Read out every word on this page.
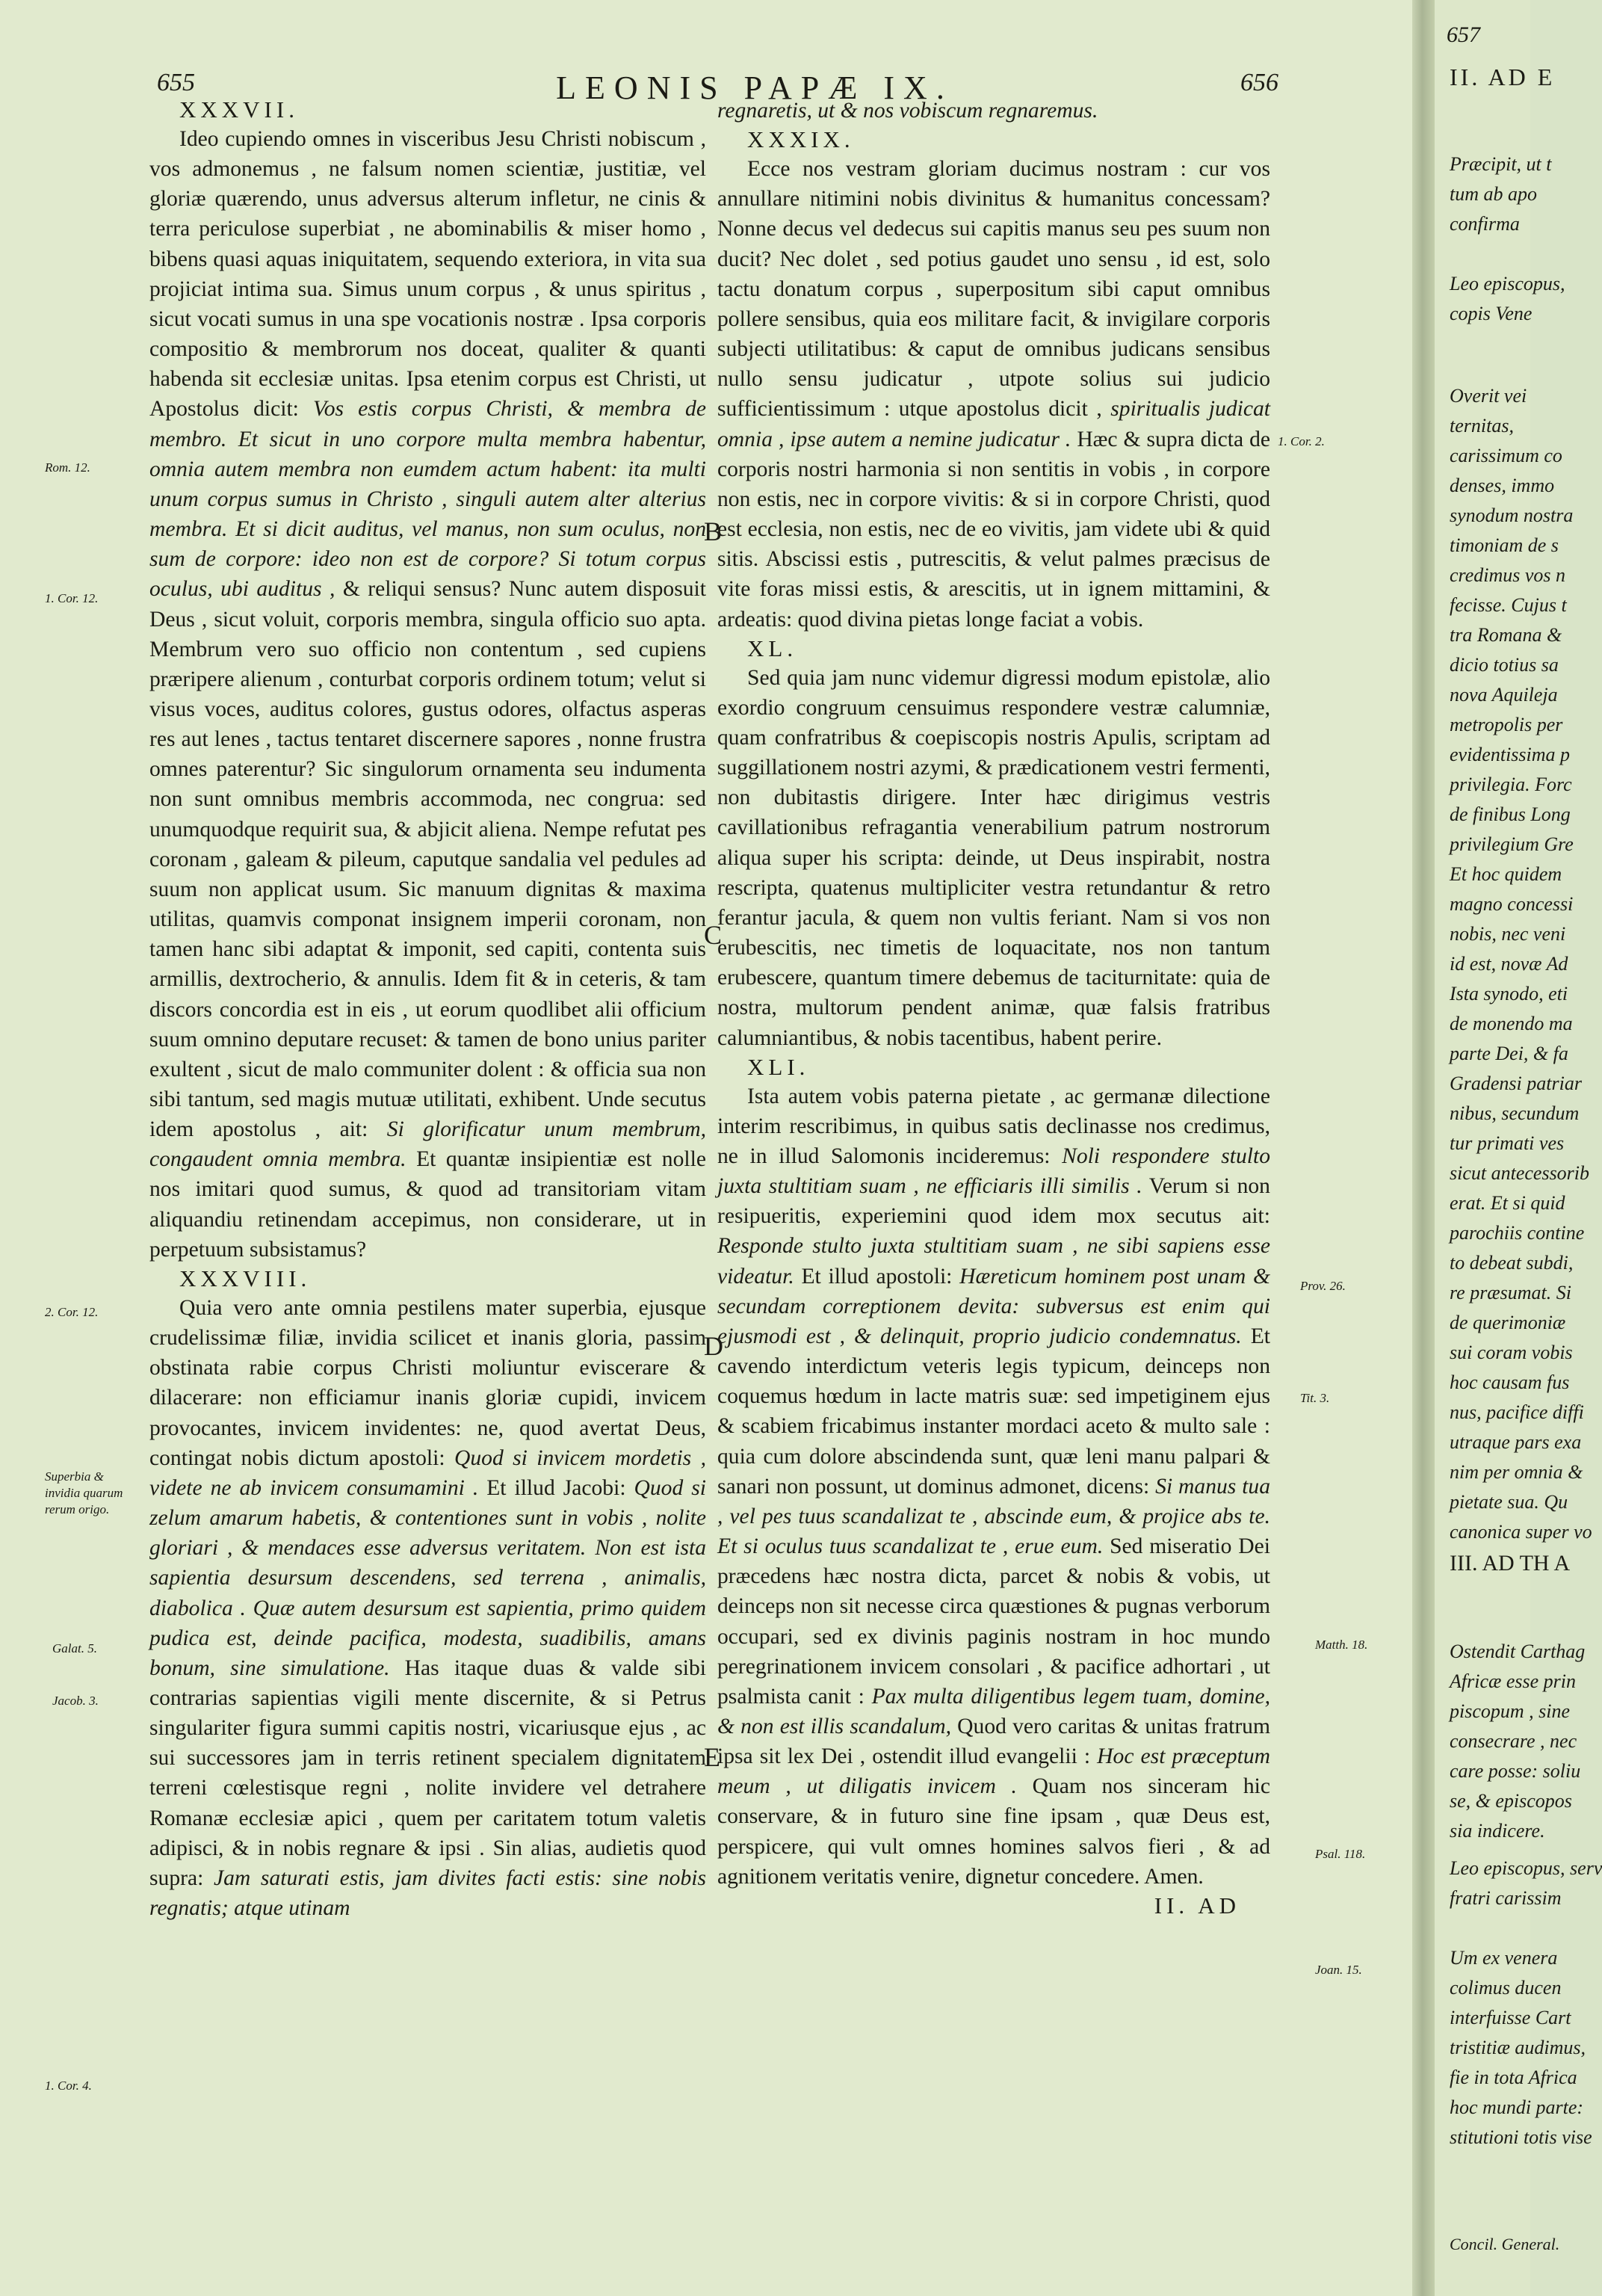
655	LEONIS PAPÆ IX.	656

XXXVII.

Ideo cupiendo omnes in visceribus Jesu Christi nobiscum , vos admonemus , ne falsum nomen scientiæ, justitiæ, vel gloriæ quærendo, unus adversus alterum infletur, ne cinis & terra periculose superbiat , ne abominabilis & miser homo , bibens quasi aquas iniquitatem, sequendo exteriora, in vita sua projiciat intima sua. Simus unum corpus , & unus spiritus , sicut vocati sumus in una spe vocationis nostræ . Ipsa corporis compositio & membrorum nos doceat, qualiter & quanti habenda sit ecclesiæ unitas. Ipsa etenim corpus est Christi, ut Apostolus dicit: Vos estis corpus Christi, & membra de membro. Et sicut in uno corpore multa membra habentur, omnia autem membra non eumdem actum habent: ita multi unum corpus sumus in Christo , singuli autem alter alterius membra. Et si dicit auditus, vel manus, non sum oculus, non sum de corpore: ideo non est de corpore? Si totum corpus oculus, ubi auditus , & reliqui sensus? Nunc autem disposuit Deus , sicut voluit, corporis membra, singula officio suo apta. Membrum vero suo officio non contentum , sed cupiens præripere alienum , conturbat corporis ordinem totum; velut si visus voces, auditus colores, gustus odores, olfactus asperas res aut lenes , tactus tentaret discernere sapores , nonne frustra omnes paterentur? Sic singulorum ornamenta seu indumenta non sunt omnibus membris accommoda, nec congrua: sed unumquodque requirit sua, & abjicit aliena. Nempe refutat pes coronam , galeam & pileum, caputque sandalia vel pedules ad suum non applicat usum. Sic manuum dignitas & maxima utilitas, quamvis componat insignem imperii coronam, non tamen hanc sibi adaptat & imponit, sed capiti, contenta suis armillis, dextrocherio, & annulis. Idem fit & in ceteris, & tam discors concordia est in eis , ut eorum quodlibet alii officium suum omnino deputare recuset: & tamen de bono unius pariter exultent , sicut de malo communiter dolent : & officia sua non sibi tantum, sed magis mutuæ utilitati, exhibent. Unde secutus idem apostolus , ait: Si glorificatur unum membrum, congaudent omnia membra. Et quantæ insipientiæ est nolle nos imitari quod sumus, & quod ad transitoriam vitam aliquandiu retinendam accepimus, non considerare, ut in perpetuum subsistamus?

XXXVIII.

Quia vero ante omnia pestilens mater superbia, ejusque crudelissimæ filiæ, invidia scilicet et inanis gloria, passim obstinata rabie corpus Christi moliuntur eviscerare & dilacerare: non efficiamur inanis gloriæ cupidi, invicem provocantes, invicem invidentes: ne, quod avertat Deus, contingat nobis dictum apostoli: Quod si invicem mordetis , videte ne ab invicem consumamini . Et illud Jacobi: Quod si zelum amarum habetis, & contentiones sunt in vobis , nolite gloriari , & mendaces esse adversus veritatem. Non est ista sapientia desursum descendens, sed terrena , animalis, diabolica . Quæ autem desursum est sapientia, primo quidem pudica est, deinde pacifica, modesta, suadibilis, amans bonum, sine simulatione. Has itaque duas & valde sibi contrarias sapientias vigili mente discernite, & si Petrus singulariter figura summi capitis nostri, vicariusque ejus , ac sui successores jam in terris retinent specialem dignitatem terreni cœlestisque regni , nolite invidere vel detrahere Romanæ ecclesiæ apici , quem per caritatem totum valetis adipisci, & in nobis regnare & ipsi . Sin alias, audietis quod supra: Jam saturati estis, jam divites facti estis: sine nobis regnatis; atque utinam

regnaretis, ut & nos vobiscum regnaremus.

XXXIX.

Ecce nos vestram gloriam ducimus nostram : cur vos annullare nitimini nobis divinitus & humanitus concessam? Nonne decus vel dedecus sui capitis manus seu pes suum non ducit? Nec dolet , sed potius gaudet uno sensu , id est, solo tactu donatum corpus , superpositum sibi caput omnibus pollere sensibus, quia eos militare facit, & invigilare corporis subjecti utilitatibus: & caput de omnibus judicans sensibus nullo sensu judicatur , utpote solius sui judicio sufficientissimum : utque apostolus dicit , spiritualis judicat omnia , ipse autem a nemine judicatur . Hæc & supra dicta de corporis nostri harmonia si non sentitis in vobis , in corpore non estis, nec in corpore vivitis: & si in corpore Christi, quod est ecclesia, non estis, nec de eo vivitis, jam videte ubi & quid sitis. Abscissi estis , putrescitis, & velut palmes præcisus de vite foras missi estis, & arescitis, ut in ignem mittamini, & ardeatis: quod divina pietas longe faciat a vobis.

XL.

Sed quia jam nunc videmur digressi modum epistolæ, alio exordio congruum censuimus respondere vestræ calumniæ, quam confratribus & coepiscopis nostris Apulis, scriptam ad suggillationem nostri azymi, & prædicationem vestri fermenti, non dubitastis dirigere. Inter hæc dirigimus vestris cavillationibus refragantia venerabilium patrum nostrorum aliqua super his scripta: deinde, ut Deus inspirabit, nostra rescripta, quatenus multipliciter vestra retundantur & retro ferantur jacula, & quem non vultis feriant. Nam si vos non erubescitis, nec timetis de loquacitate, nos non tantum erubescere, quantum timere debemus de taciturnitate: quia de nostra, multorum pendent animæ, quæ falsis fratribus calumniantibus, & nobis tacentibus, habent perire.

XLI.

Ista autem vobis paterna pietate , ac germanæ dilectione interim rescribimus, in quibus satis declinasse nos credimus, ne in illud Salomonis incideremus: Noli respondere stulto juxta stultitiam suam , ne efficiaris illi similis . Verum si non resipueritis, experiemini quod idem mox secutus ait: Responde stulto juxta stultitiam suam , ne sibi sapiens esse videatur. Et illud apostoli: Hæreticum hominem post unam & secundam correptionem devita: subversus est enim qui ejusmodi est , & delinquit, proprio judicio condemnatus. Et cavendo interdictum veteris legis typicum, deinceps non coquemus hœdum in lacte matris suæ: sed impetiginem ejus & scabiem fricabimus instanter mordaci aceto & multo sale : quia cum dolore abscindenda sunt, quæ leni manu palpari & sanari non possunt, ut dominus admonet, dicens: Si manus tua , vel pes tuus scandalizat te , abscinde eum, & projice abs te. Et si oculus tuus scandalizat te , erue eum. Sed miseratio Dei præcedens hæc nostra dicta, parcet & nobis & vobis, ut deinceps non sit necesse circa quæstiones & pugnas verborum occupari, sed ex divinis paginis nostram in hoc mundo peregrinationem invicem consolari , & pacifice adhortari , ut psalmista canit : Pax multa diligentibus legem tuam, domine, & non est illis scandalum, Quod vero caritas & unitas fratrum ipsa sit lex Dei , ostendit illud evangelii : Hoc est præceptum meum , ut diligatis invicem . Quam nos sinceram hic conservare, & in futuro sine fine ipsam , quæ Deus est, perspicere, qui vult omnes homines salvos fieri , & ad agnitionem veritatis venire, dignetur concedere. Amen.

II. AD

Rom. 12.
1. Cor. 12.
2. Cor. 12.
Superbia & invidia quarum rerum origo.
Galat. 5.
Jacob. 3.
1. Cor. 4.
1. Cor. 2.
Prov. 26.
Tit. 3.
Matth. 18.
Psal. 118.
Joan. 15.
B
C
D
E
657
II. AD E
Præcipit, ut t
tum ab apo
confirma
Leo episcopus,
copis Vene
Overit vei
ternitas,
carissimum co
denses, immo
synodum nostra
timoniam de s
credimus vos n
fecisse. Cujus t
tra Romana &
dicio totius sa
nova Aquileja
metropolis per
evidentissima p
privilegia. Forc
de finibus Long
privilegium Gre
Et hoc quidem
magno concessi
nobis, nec veni
id est, novæ Ad
Ista synodo, eti
de monendo ma
parte Dei, & fa
Gradensi patriar
nibus, secundum
tur primati ves
sicut antecessorib
erat. Et si quid
parochiis contine
to debeat subdi,
re præsumat. Si
de querimoniæ
sui coram vobis
hoc causam fus
nus, pacifice diffi
utraque pars exa
nim per omnia &
pietate sua. Qu
canonica super vo
III. AD TH A
Ostendit Carthag
Africæ esse prin
piscopum , sine
consecrare , nec
care posse: soliu
se, & episcopos
sia indicere.
Leo episcopus, serv
fratri carissim
Um ex venera
colimus ducen
interfuisse Cart
tristitiæ audimus,
fie in tota Africa
hoc mundi parte:
stitutioni totis vise
Concil. General.
